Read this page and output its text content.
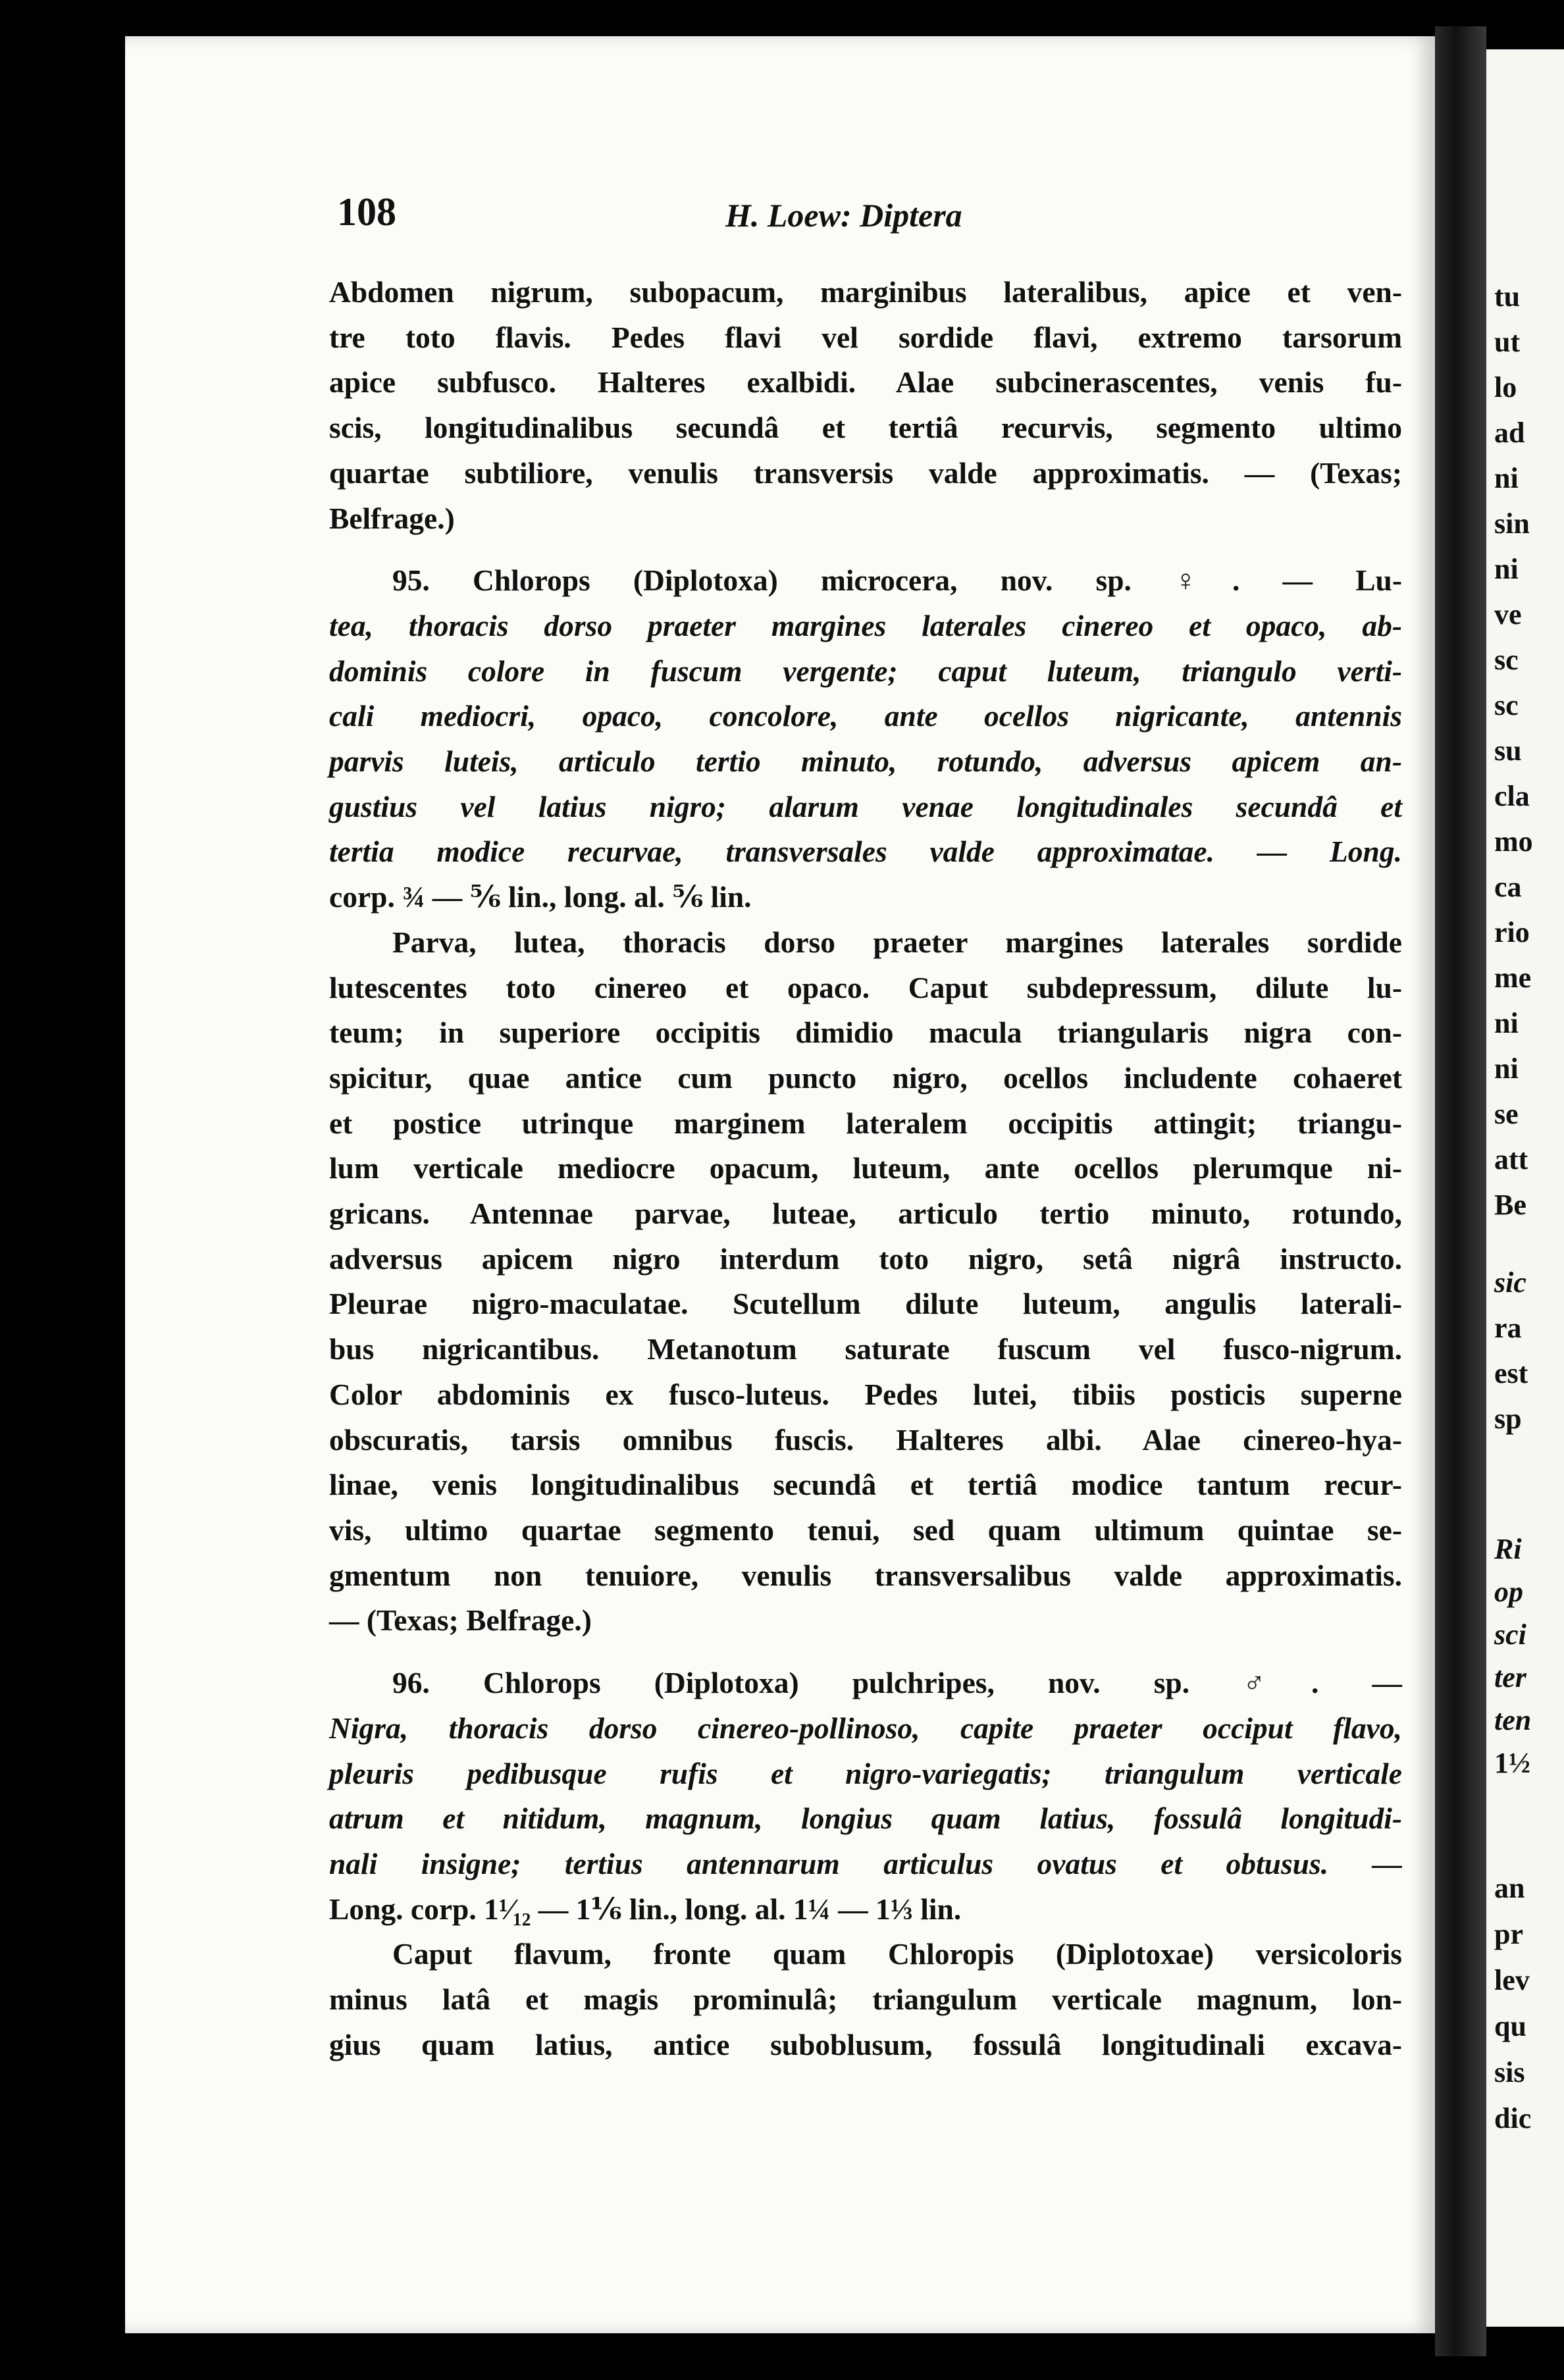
108	H. Loew: Diptera

Abdomen nigrum, subopacum, marginibus lateralibus, apice et ven-
tre toto flavis. Pedes flavi vel sordide flavi, extremo tarsorum
apice subfusco. Halteres exalbidi. Alae subcinerascentes, venis fu-
scis, longitudinalibus secundâ et tertiâ recurvis, segmento ultimo
quartae subtiliore, venulis transversis valde approximatis. — (Texas;
Belfrage.)

95. Chlorops (Diplotoxa) microcera, nov. sp. ♀. — Lu-
tea, thoracis dorso praeter margines laterales cinereo et opaco, ab-
dominis colore in fuscum vergente; caput luteum, triangulo verti-
cali mediocri, opaco, concolore, ante ocellos nigricante, antennis
parvis luteis, articulo tertio minuto, rotundo, adversus apicem an-
gustius vel latius nigro; alarum venae longitudinales secundâ et
tertia modice recurvae, transversales valde approximatae. — Long.
corp. ¾ — ⅚ lin., long. al. ⅚ lin.

Parva, lutea, thoracis dorso praeter margines laterales sordide
lutescentes toto cinereo et opaco. Caput subdepressum, dilute lu-
teum; in superiore occipitis dimidio macula triangularis nigra con-
spicitur, quae antice cum puncto nigro, ocellos includente cohaeret
et postice utrinque marginem lateralem occipitis attingit; triangu-
lum verticale mediocre opacum, luteum, ante ocellos plerumque ni-
gricans. Antennae parvae, luteae, articulo tertio minuto, rotundo,
adversus apicem nigro interdum toto nigro, setâ nigrâ instructo.
Pleurae nigro-maculatae. Scutellum dilute luteum, angulis laterali-
bus nigricantibus. Metanotum saturate fuscum vel fusco-nigrum.
Color abdominis ex fusco-luteus. Pedes lutei, tibiis posticis superne
obscuratis, tarsis omnibus fuscis. Halteres albi. Alae cinereo-hya-
linae, venis longitudinalibus secundâ et tertiâ modice tantum recur-
vis, ultimo quartae segmento tenui, sed quam ultimum quintae se-
gmentum non tenuiore, venulis transversalibus valde approximatis.
— (Texas; Belfrage.)

96. Chlorops (Diplotoxa) pulchripes, nov. sp. ♂. —
Nigra, thoracis dorso cinereo-pollinoso, capite praeter occiput flavo,
pleuris pedibusque rufis et nigro-variegatis; triangulum verticale
atrum et nitidum, magnum, longius quam latius, fossulâ longitudi-
nali insigne; tertius antennarum articulus ovatus et obtusus. —
Long. corp. 1¹⁄₁₂ — 1⅙ lin., long. al. 1¼ — 1⅓ lin.

Caput flavum, fronte quam Chloropis (Diplotoxae) versicoloris
minus latâ et magis prominulâ; triangulum verticale magnum, lon-
gius quam latius, antice suboblusum, fossulâ longitudinali excava-

tu
ut
lo
ad
ni
sin
ni
ve
sc
sc
su
cla
mo
ca
rio
me
ni
ni
se
att
Be
sic
ra
est
sp
Ri
op
sci
ter
ten
1½
an
pr
lev
qu
sis
dic
